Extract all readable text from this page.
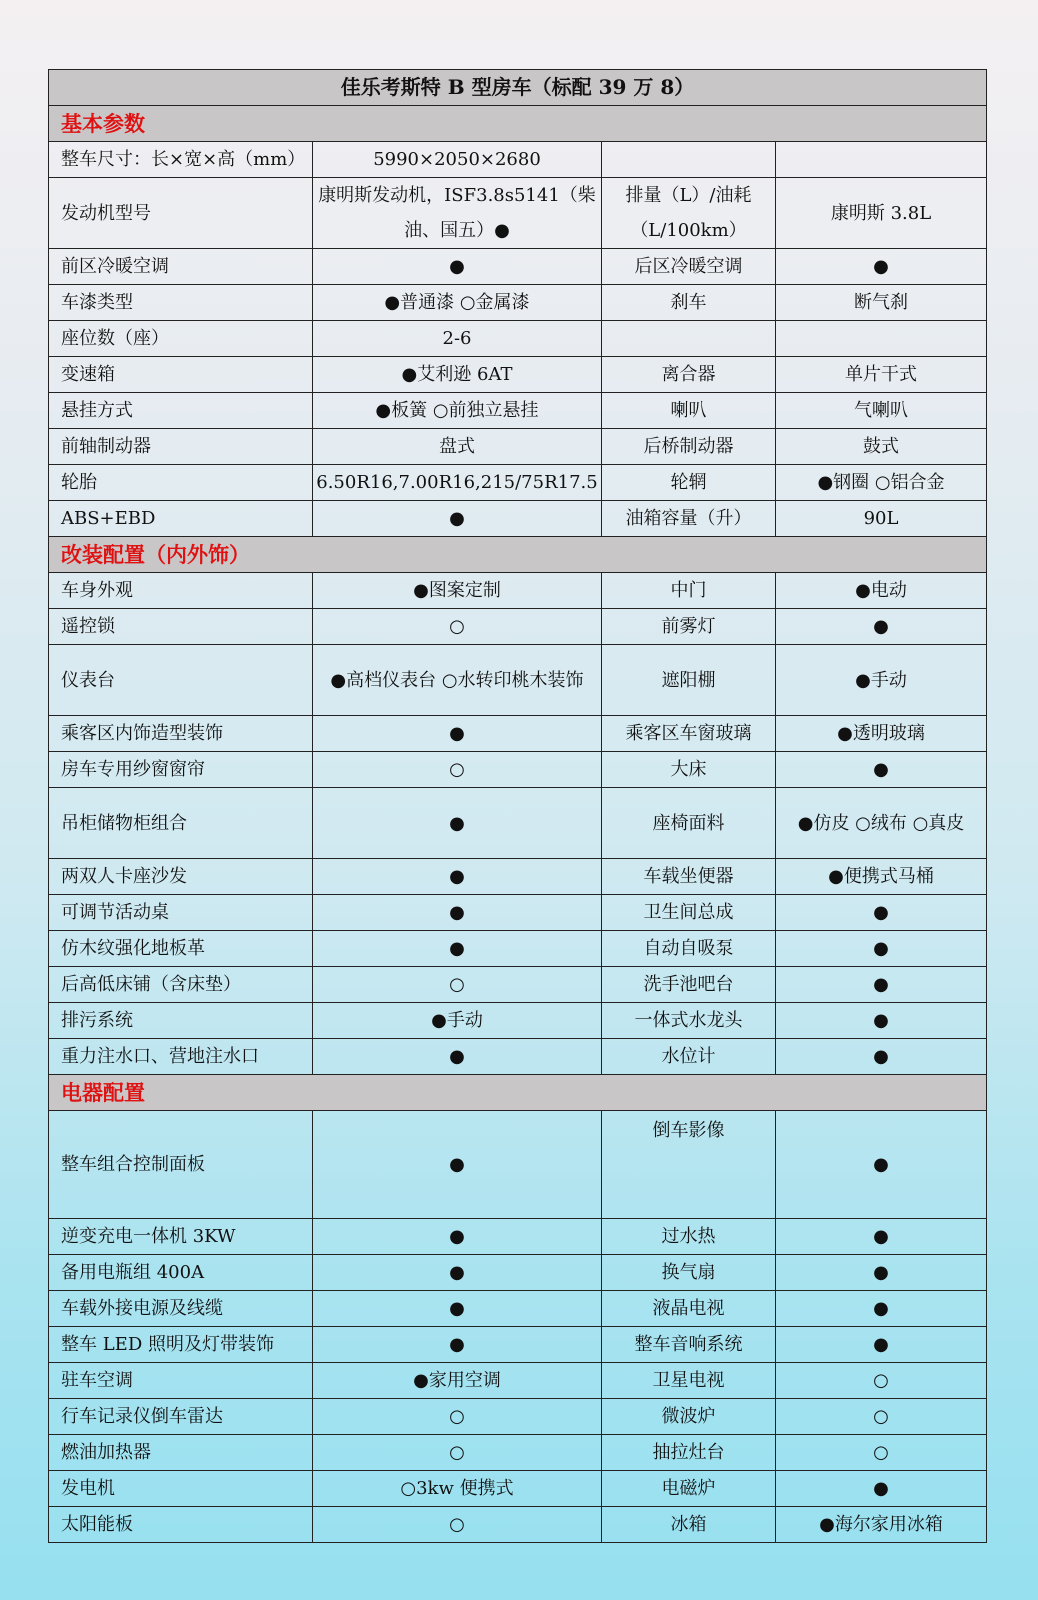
佳乐考斯特 B 型房车（标配 39 万 8）			
基本参数			
整车尺寸：长×宽×高（mm）	5990×2050×2680		
发动机型号	康明斯发动机，ISF3.8s5141（柴油、国五）●	排量（L）/油耗（L/100km）	康明斯 3.8L
前区冷暖空调	●	后区冷暖空调	●
车漆类型	●普通漆 ○金属漆	刹车	断气刹
座位数（座）	2-6		
变速箱	●艾利逊 6AT	离合器	单片干式
悬挂方式	●板簧 ○前独立悬挂	喇叭	气喇叭
前轴制动器	盘式	后桥制动器	鼓式
轮胎	6.50R16,7.00R16,215/75R17.5	轮辋	●钢圈 ○铝合金
ABS+EBD	●	油箱容量（升）	90L
改装配置（内外饰）			
车身外观	●图案定制	中门	●电动
遥控锁	○	前雾灯	●
仪表台	●高档仪表台 ○水转印桃木装饰	遮阳棚	●手动
乘客区内饰造型装饰	●	乘客区车窗玻璃	●透明玻璃
房车专用纱窗窗帘	○	大床	●
吊柜储物柜组合	●	座椅面料	●仿皮 ○绒布 ○真皮
两双人卡座沙发	●	车载坐便器	●便携式马桶
可调节活动桌	●	卫生间总成	●
仿木纹强化地板革	●	自动自吸泵	●
后高低床铺（含床垫）	○	洗手池吧台	●
排污系统	●手动	一体式水龙头	●
重力注水口、营地注水口	●	水位计	●
电器配置			
整车组合控制面板	●	倒车影像	●
逆变充电一体机 3KW	●	过水热	●
备用电瓶组 400A	●	换气扇	●
车载外接电源及线缆	●	液晶电视	●
整车 LED 照明及灯带装饰	●	整车音响系统	●
驻车空调	●家用空调	卫星电视	○
行车记录仪倒车雷达	○	微波炉	○
燃油加热器	○	抽拉灶台	○
发电机	○3kw 便携式	电磁炉	●
太阳能板	○	冰箱	●海尔家用冰箱
